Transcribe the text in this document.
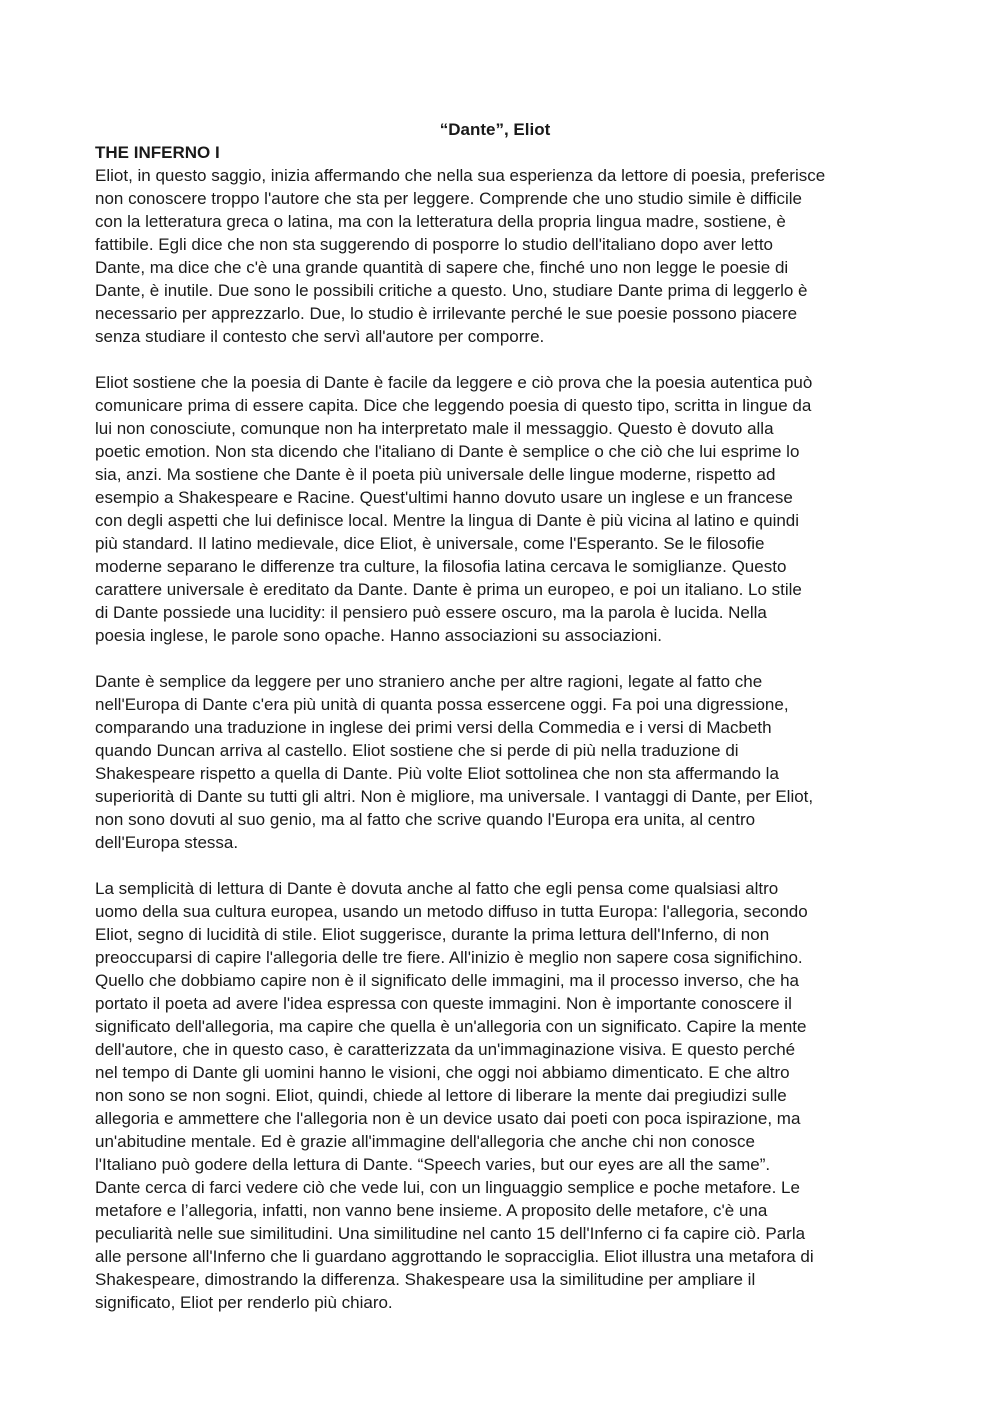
“Dante”, Eliot
THE INFERNO I
Eliot, in questo saggio, inizia affermando che nella sua esperienza da lettore di poesia, preferisce
non conoscere troppo l'autore che sta per leggere. Comprende che uno studio simile è difficile
con la letteratura greca o latina, ma con la letteratura della propria lingua madre, sostiene, è
fattibile. Egli dice che non sta suggerendo di posporre lo studio dell'italiano dopo aver letto
Dante, ma dice che c'è una grande quantità di sapere che, finché uno non legge le poesie di
Dante, è inutile. Due sono le possibili critiche a questo. Uno, studiare Dante prima di leggerlo è
necessario per apprezzarlo. Due, lo studio è irrilevante perché le sue poesie possono piacere
senza studiare il contesto che servì all'autore per comporre.
Eliot sostiene che la poesia di Dante è facile da leggere e ciò prova che la poesia autentica può
comunicare prima di essere capita. Dice che leggendo poesia di questo tipo, scritta in lingue da
lui non conosciute, comunque non ha interpretato male il messaggio. Questo è dovuto alla
poetic emotion. Non sta dicendo che l'italiano di Dante è semplice o che ciò che lui esprime lo
sia, anzi. Ma sostiene che Dante è il poeta più universale delle lingue moderne, rispetto ad
esempio a Shakespeare e Racine. Quest'ultimi hanno dovuto usare un inglese e un francese
con degli aspetti che lui definisce local. Mentre la lingua di Dante è più vicina al latino e quindi
più standard. Il latino medievale, dice Eliot, è universale, come l'Esperanto. Se le filosofie
moderne separano le differenze tra culture, la filosofia latina cercava le somiglianze. Questo
carattere universale è ereditato da Dante. Dante è prima un europeo, e poi un italiano. Lo stile
di Dante possiede una lucidity: il pensiero può essere oscuro, ma la parola è lucida. Nella
poesia inglese, le parole sono opache. Hanno associazioni su associazioni.
Dante è semplice da leggere per uno straniero anche per altre ragioni, legate al fatto che
nell'Europa di Dante c'era più unità di quanta possa essercene oggi. Fa poi una digressione,
comparando una traduzione in inglese dei primi versi della Commedia e i versi di Macbeth
quando Duncan arriva al castello. Eliot sostiene che si perde di più nella traduzione di
Shakespeare rispetto a quella di Dante. Più volte Eliot sottolinea che non sta affermando la
superiorità di Dante su tutti gli altri. Non è migliore, ma universale. I vantaggi di Dante, per Eliot,
non sono dovuti al suo genio, ma al fatto che scrive quando l'Europa era unita, al centro
dell'Europa stessa.
La semplicità di lettura di Dante è dovuta anche al fatto che egli pensa come qualsiasi altro
uomo della sua cultura europea, usando un metodo diffuso in tutta Europa: l'allegoria, secondo
Eliot, segno di lucidità di stile. Eliot suggerisce, durante la prima lettura dell'Inferno, di non
preoccuparsi di capire l'allegoria delle tre fiere. All'inizio è meglio non sapere cosa significhino.
Quello che dobbiamo capire non è il significato delle immagini, ma il processo inverso, che ha
portato il poeta ad avere l'idea espressa con queste immagini. Non è importante conoscere il
significato dell'allegoria, ma capire che quella è un'allegoria con un significato. Capire la mente
dell'autore, che in questo caso, è caratterizzata da un'immaginazione visiva. E questo perché
nel tempo di Dante gli uomini hanno le visioni, che oggi noi abbiamo dimenticato. E che altro
non sono se non sogni. Eliot, quindi, chiede al lettore di liberare la mente dai pregiudizi sulle
allegoria e ammettere che l'allegoria non è un device usato dai poeti con poca ispirazione, ma
un'abitudine mentale. Ed è grazie all'immagine dell'allegoria che anche chi non conosce
l'Italiano può godere della lettura di Dante. “Speech varies, but our eyes are all the same”.
Dante cerca di farci vedere ciò che vede lui, con un linguaggio semplice e poche metafore. Le
metafore e l’allegoria, infatti, non vanno bene insieme. A proposito delle metafore, c'è una
peculiarità nelle sue similitudini. Una similitudine nel canto 15 dell'Inferno ci fa capire ciò. Parla
alle persone all'Inferno che li guardano aggrottando le sopracciglia. Eliot illustra una metafora di
Shakespeare, dimostrando la differenza. Shakespeare usa la similitudine per ampliare il
significato, Eliot per renderlo più chiaro.
